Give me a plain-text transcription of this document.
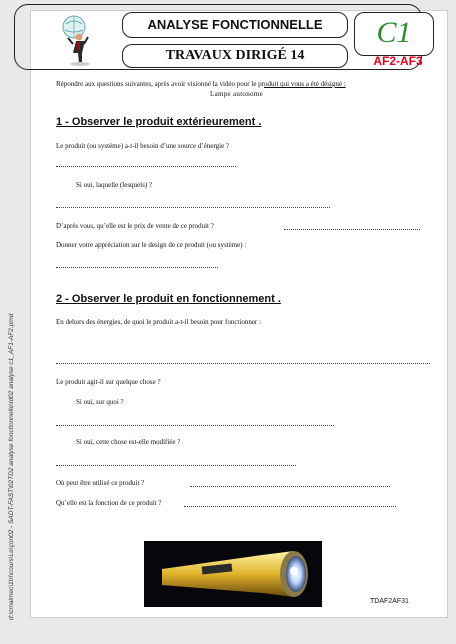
ANALYSE FONCTIONNELLE
TRAVAUX DIRIGÉ 14
C1
AF2-AF3
d:\cmaimec\1tri\cours\Le\çon02 - SADT-FAST\02TD2 analyse fonctionnelle\td02 analyse c1_AF1-AF2.pmd
Répondre aux questions suivantes, après avoir visionné la vidéo pour le produit qui vous a été désigné :
Lampe autonome
1 - Observer le produit extérieurement .
Le produit (ou système) a-t-il besoin d’une source d’énergie ?
Si oui, laquelle (lesquels) ?
D’après vous, qu’elle est le prix de vente de ce produit ?
Donner votre appréciation sur le design de ce produit (ou système) :
2 - Observer le produit en fonctionnement .
En dehors des énergies, de quoi le produit a-t-il besoin pour fonctionner :
Le produit agit-il sur quelque chose ?
Si oui, sur quoi ?
Si oui, cette chose est-elle modifiée ?
Où peut être utilisé ce produit ?
Qu’elle est la fonction de ce produit ?
TDAF2AF31
